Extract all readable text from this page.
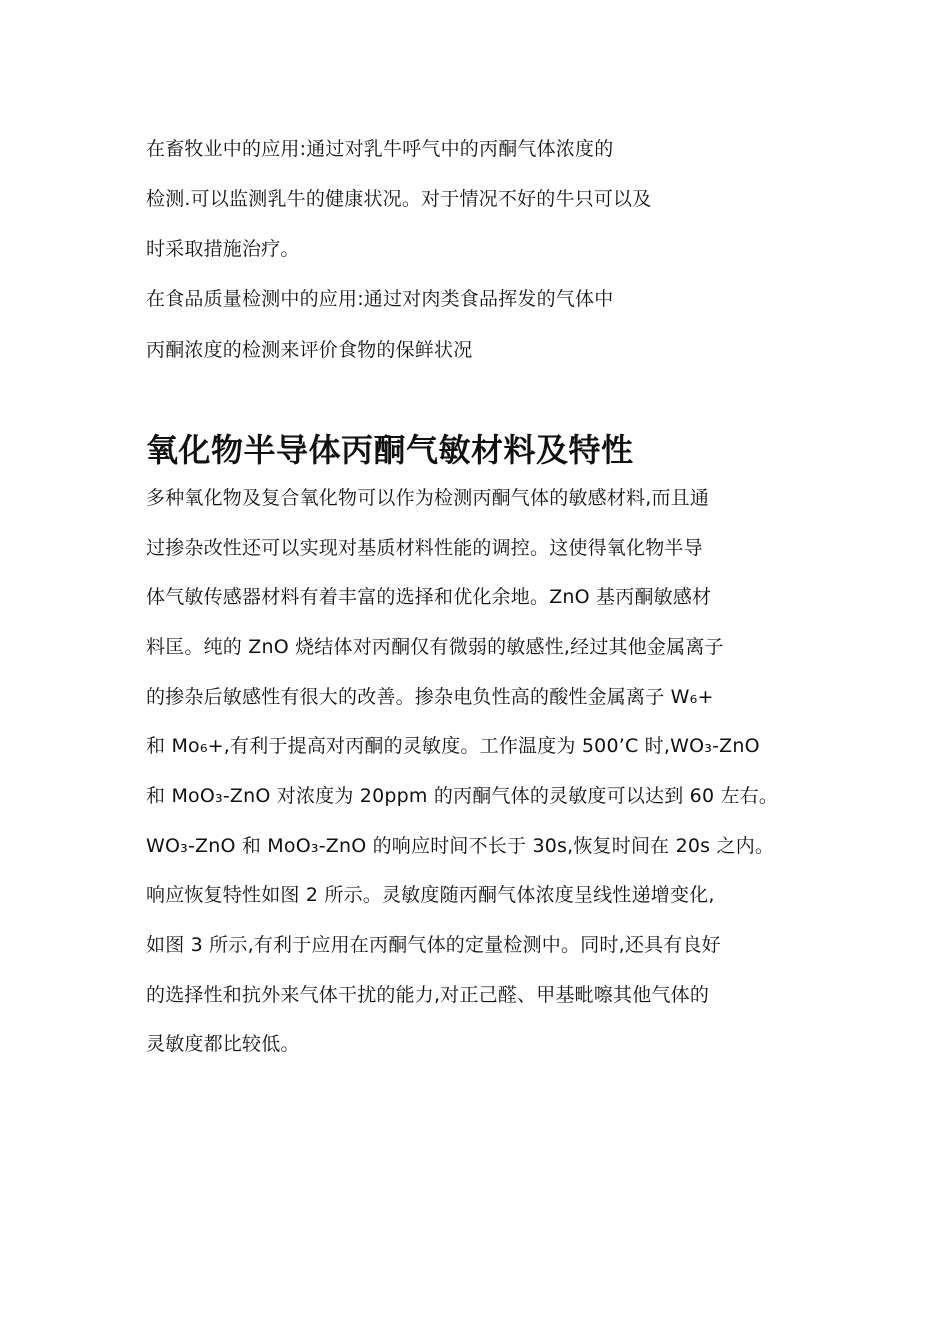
在畜牧业中的应用:通过对乳牛呼气中的丙酮气体浓度的
检测.可以监测乳牛的健康状况。对于情况不好的牛只可以及
时采取措施治疗。
在食品质量检测中的应用:通过对肉类食品挥发的气体中
丙酮浓度的检测来评价食物的保鲜状况
氧化物半导体丙酮气敏材料及特性
多种氧化物及复合氧化物可以作为检测丙酮气体的敏感材料,而且通
过掺杂改性还可以实现对基质材料性能的调控。这使得氧化物半导
体气敏传感器材料有着丰富的选择和优化余地。ZnO 基丙酮敏感材
料匡。纯的 ZnO 烧结体对丙酮仅有微弱的敏感性,经过其他金属离子
的掺杂后敏感性有很大的改善。掺杂电负性高的酸性金属离子 W₆+
和 Mo₆+,有利于提高对丙酮的灵敏度。工作温度为 500’C 时,WO₃-ZnO
和 MoO₃-ZnO 对浓度为 20ppm 的丙酮气体的灵敏度可以达到 60 左右。
WO₃-ZnO 和 MoO₃-ZnO 的响应时间不长于 30s,恢复时间在 20s 之内。
响应恢复特性如图 2 所示。灵敏度随丙酮气体浓度呈线性递增变化,
如图 3 所示,有利于应用在丙酮气体的定量检测中。同时,还具有良好
的选择性和抗外来气体干扰的能力,对正己醛、甲基毗嚓其他气体的
灵敏度都比较低。
